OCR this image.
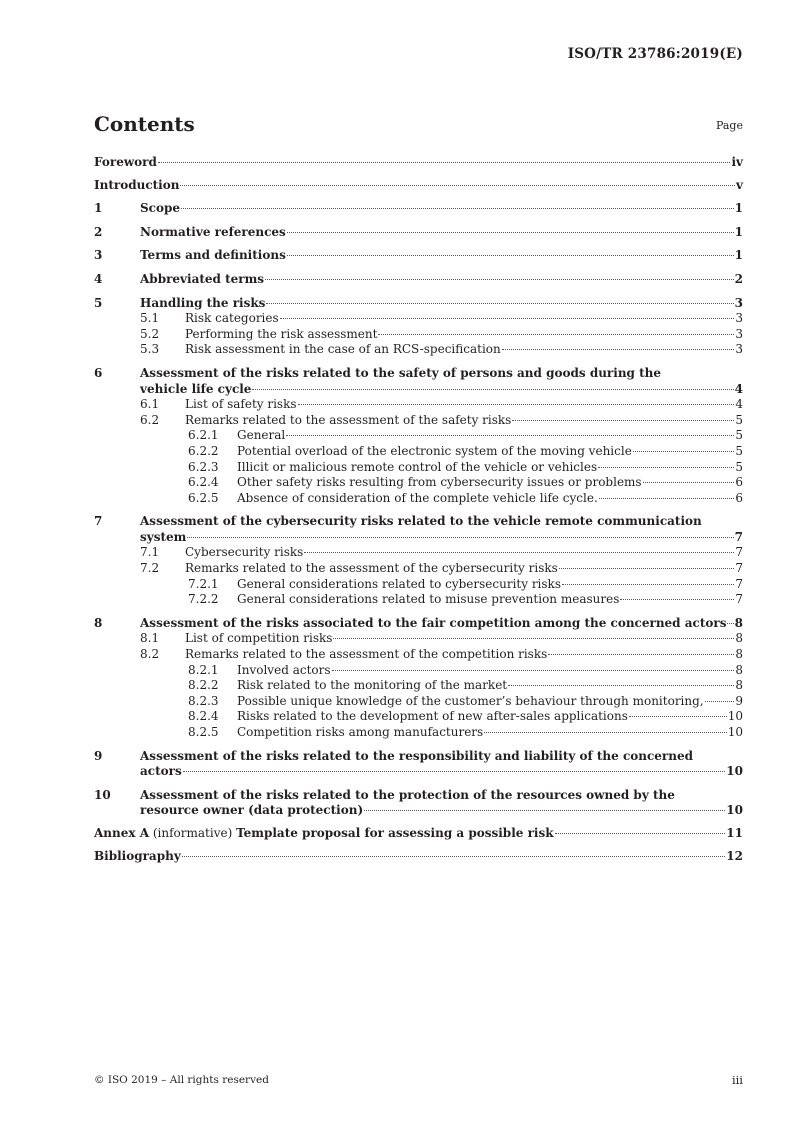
ISO/TR 23786:2019(E)
Contents	Page
Foreword	iv
Introduction	v
1	Scope	1
2	Normative references	1
3	Terms and definitions	1
4	Abbreviated terms	2
5	Handling the risks	3
5.1 Risk categories	3
5.2 Performing the risk assessment	3
5.3 Risk assessment in the case of an RCS-specification	3
6	Assessment of the risks related to the safety of persons and goods during the
vehicle life cycle	4
6.1 List of safety risks	4
6.2 Remarks related to the assessment of the safety risks	5
6.2.1 General	5
6.2.2 Potential overload of the electronic system of the moving vehicle	5
6.2.3 Illicit or malicious remote control of the vehicle or vehicles	5
6.2.4 Other safety risks resulting from cybersecurity issues or problems	6
6.2.5 Absence of consideration of the complete vehicle life cycle.	6
7	Assessment of the cybersecurity risks related to the vehicle remote communication
system	7
7.1 Cybersecurity risks	7
7.2 Remarks related to the assessment of the cybersecurity risks	7
7.2.1 General considerations related to cybersecurity risks	7
7.2.2 General considerations related to misuse prevention measures	7
8	Assessment of the risks associated to the fair competition among the concerned actors 8
8.1 List of competition risks	8
8.2 Remarks related to the assessment of the competition risks	8
8.2.1 Involved actors	8
8.2.2 Risk related to the monitoring of the market	8
8.2.3 Possible unique knowledge of the customer’s behaviour through monitoring,	9
8.2.4 Risks related to the development of new after-sales applications	10
8.2.5 Competition risks among manufacturers	10
9	Assessment of the risks related to the responsibility and liability of the concerned
actors	10
10 Assessment of the risks related to the protection of the resources owned by the
resource owner (data protection)	10
Annex A (informative) Template proposal for assessing a possible risk	11
Bibliography	12
© ISO 2019 – All rights reserved	iii
